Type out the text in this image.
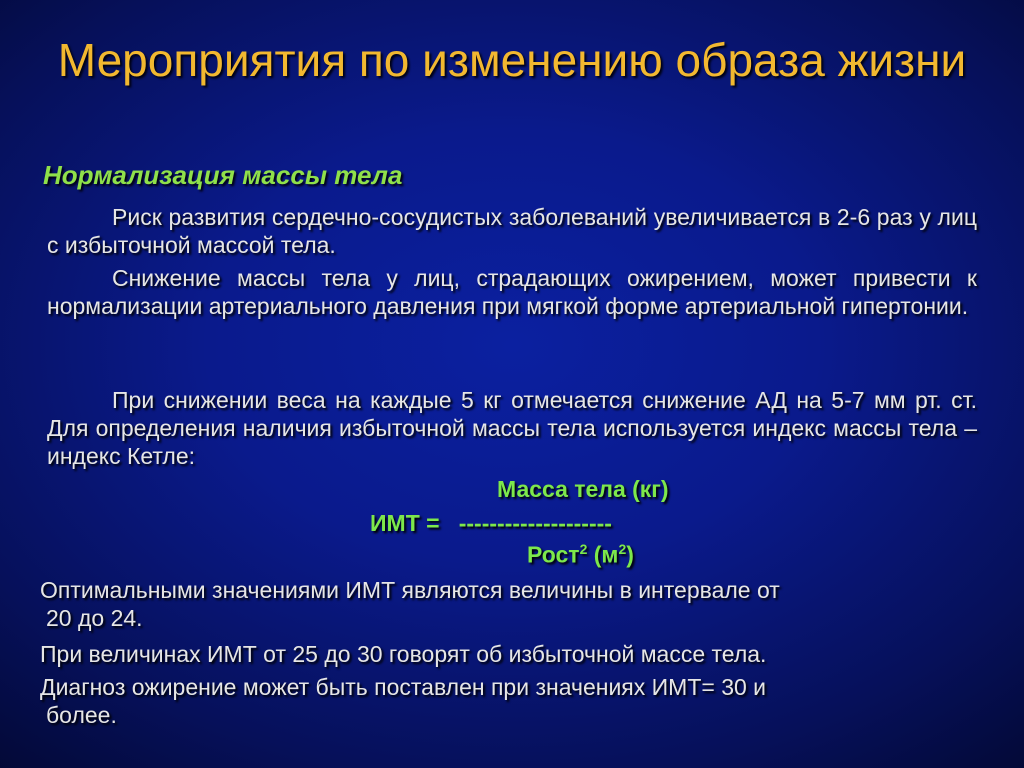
Мероприятия по изменению образа жизни
Нормализация массы тела

Риск развития сердечно-сосудистых заболеваний увеличивается в 2-6 раз у лиц с избыточной массой тела.

Снижение массы тела у лиц, страдающих ожирением, может привести к нормализации артериального давления при мягкой форме артериальной гипертонии.

При снижении веса на каждые 5 кг отмечается снижение АД на 5-7 мм рт. ст. Для определения наличия избыточной массы тела используется индекс массы тела – индекс Кетле:

Масса тела (кг)
ИМТ = --------------------
Рост$^2$ $(м^2)$
Оптимальными значениями ИМТ являются величины в интервале от
20 до 24.
При величинах ИМТ от 25 до 30 говорят об избыточной массе тела.
Диагноз ожирение может быть поставлен при значениях ИМТ= 30 и
более.
